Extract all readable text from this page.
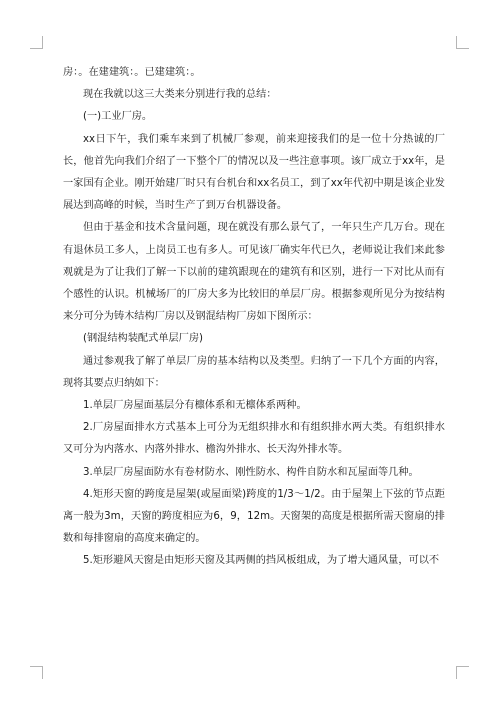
房：。在建建筑：。已建建筑：。

现在我就以这三大类来分别进行我的总结：

(一)工业厂房。

xx日下午，我们乘车来到了机械厂参观，前来迎接我们的是一位十分热诚的厂长，他首先向我们介绍了一下整个厂的情况以及一些注意事项。该厂成立于xx年，是一家国有企业。刚开始建厂时只有台机台和xx名员工，到了xx年代初中期是该企业发展达到高峰的时候，当时生产了到万台机器设备。

但由于基金和技术含量问题，现在就没有那么景气了，一年只生产几万台。现在有退休员工多人，上岗员工也有多人。可见该厂确实年代已久，老师说让我们来此参观就是为了让我们了解一下以前的建筑跟现在的建筑有和区别，进行一下对比从而有个感性的认识。机械场厂的厂房大多为比较旧的单层厂房。根据参观所见分为按结构来分可分为铸木结构厂房以及钢混结构厂房如下图所示：

(钢混结构装配式单层厂房)

通过参观我了解了单层厂房的基本结构以及类型。归纳了一下几个方面的内容，现将其要点归纳如下：

1.单层厂房屋面基层分有檩体系和无檩体系两种。

2.厂房屋面排水方式基本上可分为无组织排水和有组织排水两大类。有组织排水又可分为内落水、内落外排水、檐沟外排水、长天沟外排水等。

3.单层厂房屋面防水有卷材防水、刚性防水、构件自防水和瓦屋面等几种。

4.矩形天窗的跨度是屋架(或屋面梁)跨度的1/3～1/2。由于屋架上下弦的节点距离一般为3m，天窗的跨度相应为6，9，12m。天窗架的高度是根据所需天窗扇的排数和每排窗扇的高度来确定的。

5.矩形避风天窗是由矩形天窗及其两侧的挡风板组成，为了增大通风量，可以不
